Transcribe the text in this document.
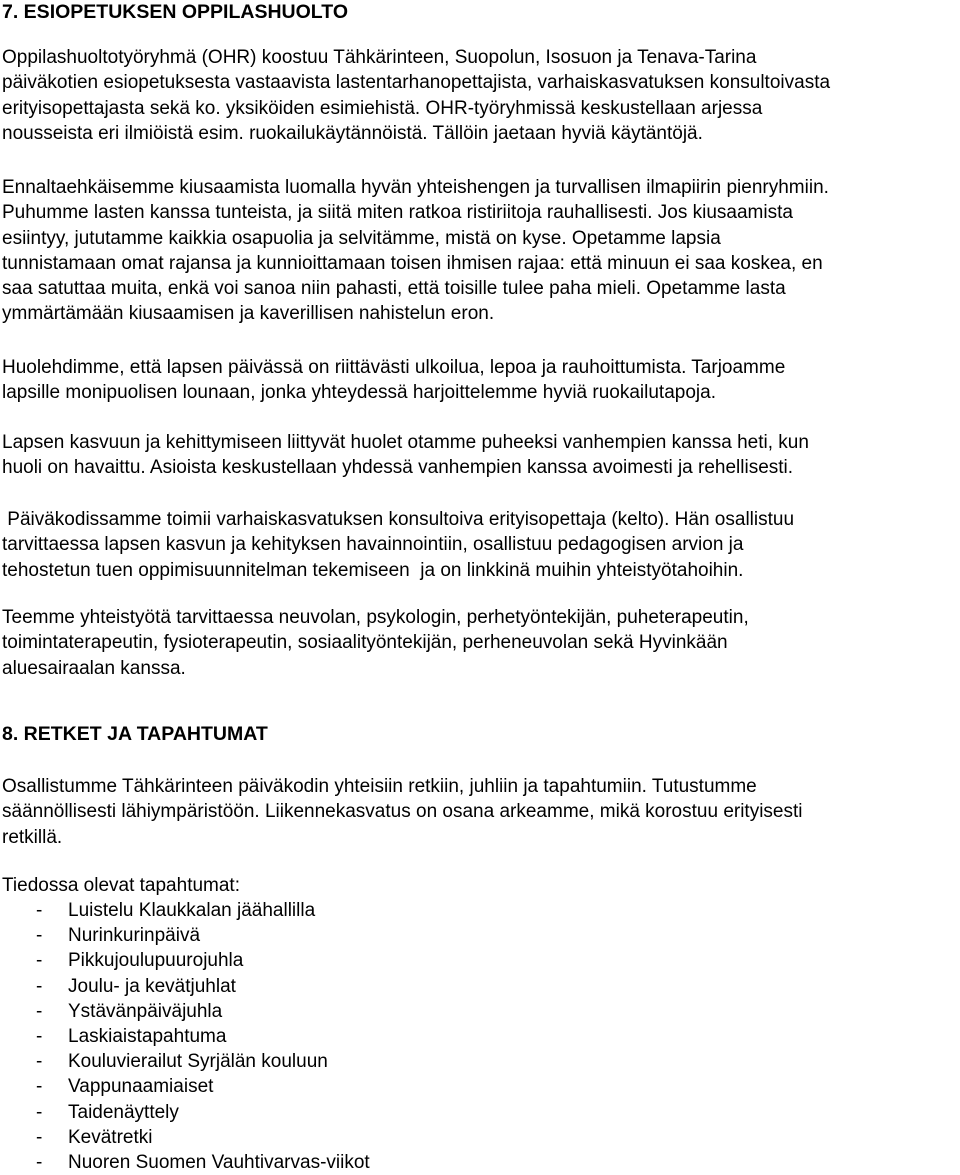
7. ESIOPETUKSEN OPPILASHUOLTO

Oppilashuoltotyöryhmä (OHR) koostuu Tähkärinteen, Suopolun, Isosuon ja Tenava-Tarina
päiväkotien esiopetuksesta vastaavista lastentarhanopettajista, varhaiskasvatuksen konsultoivasta
erityisopettajasta sekä ko. yksiköiden esimiehistä. OHR-työryhmissä keskustellaan arjessa
nousseista eri ilmiöistä esim. ruokailukäytännöistä. Tällöin jaetaan hyviä käytäntöjä.

Ennaltaehkäisemme kiusaamista luomalla hyvän yhteishengen ja turvallisen ilmapiirin pienryhmiin.
Puhumme lasten kanssa tunteista, ja siitä miten ratkoa ristiriitoja rauhallisesti. Jos kiusaamista
esiintyy, jututamme kaikkia osapuolia ja selvitämme, mistä on kyse. Opetamme lapsia
tunnistamaan omat rajansa ja kunnioittamaan toisen ihmisen rajaa: että minuun ei saa koskea, en
saa satuttaa muita, enkä voi sanoa niin pahasti, että toisille tulee paha mieli. Opetamme lasta
ymmärtämään kiusaamisen ja kaverillisen nahistelun eron.

Huolehdimme, että lapsen päivässä on riittävästi ulkoilua, lepoa ja rauhoittumista. Tarjoamme
lapsille monipuolisen lounaan, jonka yhteydessä harjoittelemme hyviä ruokailutapoja.

Lapsen kasvuun ja kehittymiseen liittyvät huolet otamme puheeksi vanhempien kanssa heti, kun
huoli on havaittu. Asioista keskustellaan yhdessä vanhempien kanssa avoimesti ja rehellisesti.

Päiväkodissamme toimii varhaiskasvatuksen konsultoiva erityisopettaja (kelto). Hän osallistuu
tarvittaessa lapsen kasvun ja kehityksen havainnointiin, osallistuu pedagogisen arvion ja
tehostetun tuen oppimisuunnitelman tekemiseen  ja on linkkinä muihin yhteistyötahoihin.

Teemme yhteistyötä tarvittaessa neuvolan, psykologin, perhetyöntekijän, puheterapeutin,
toimintaterapeutin, fysioterapeutin, sosiaalityöntekijän, perheneuvolan sekä Hyvinkään
aluesairaalan kanssa.

8. RETKET JA TAPAHTUMAT

Osallistumme Tähkärinteen päiväkodin yhteisiin retkiin, juhliin ja tapahtumiin. Tutustumme
säännöllisesti lähiympäristöön. Liikennekasvatus on osana arkeamme, mikä korostuu erityisesti
retkillä.

Tiedossa olevat tapahtumat:

- Luistelu Klaukkalan jäähallilla
- Nurinkurinpäivä
- Pikkujoulupuurojuhla
- Joulu- ja kevätjuhlat
- Ystävänpäiväjuhla
- Laskiaistapahtuma
- Kouluvierailut Syrjälän kouluun
- Vappunaamiaiset
- Taidenäyttely
- Kevätretki
- Nuoren Suomen Vauhtivarvas-viikot
